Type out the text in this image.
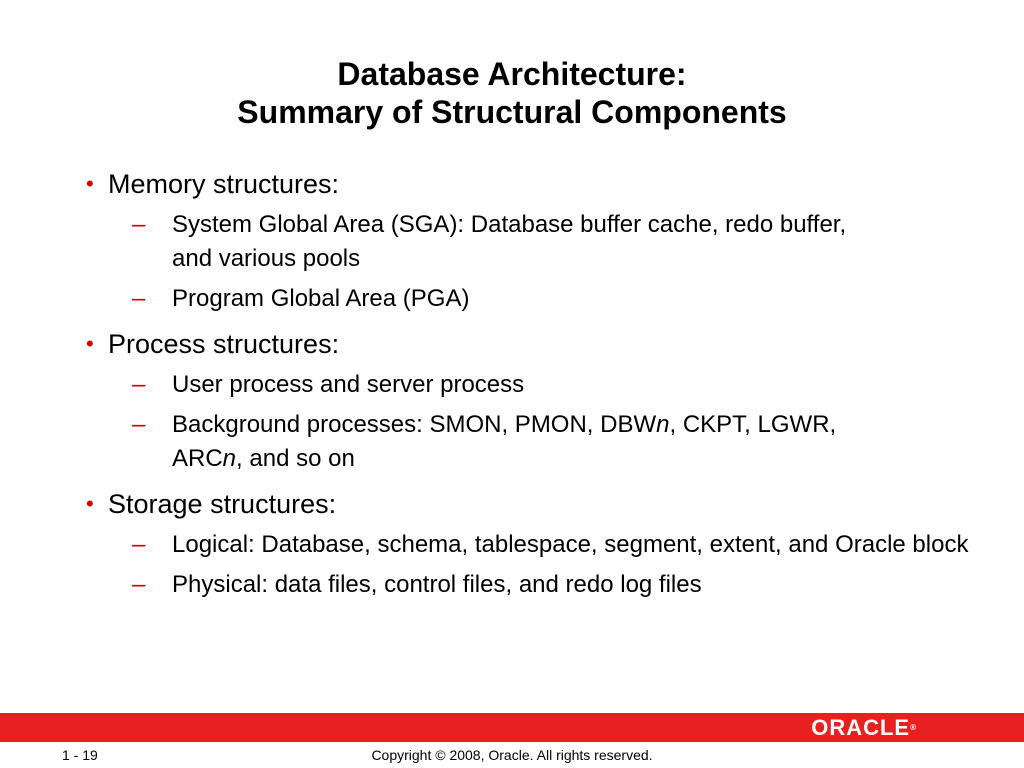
Database Architecture:
Summary of Structural Components
• Memory structures:
– System Global Area (SGA): Database buffer cache, redo buffer, and various pools
– Program Global Area (PGA)
• Process structures:
– User process and server process
– Background processes: SMON, PMON, DBWn, CKPT, LGWR, ARCn, and so on
• Storage structures:
– Logical: Database, schema, tablespace, segment, extent, and Oracle block
– Physical: data files, control files, and redo log files
ORACLE®
1 - 19	Copyright © 2008, Oracle. All rights reserved.
